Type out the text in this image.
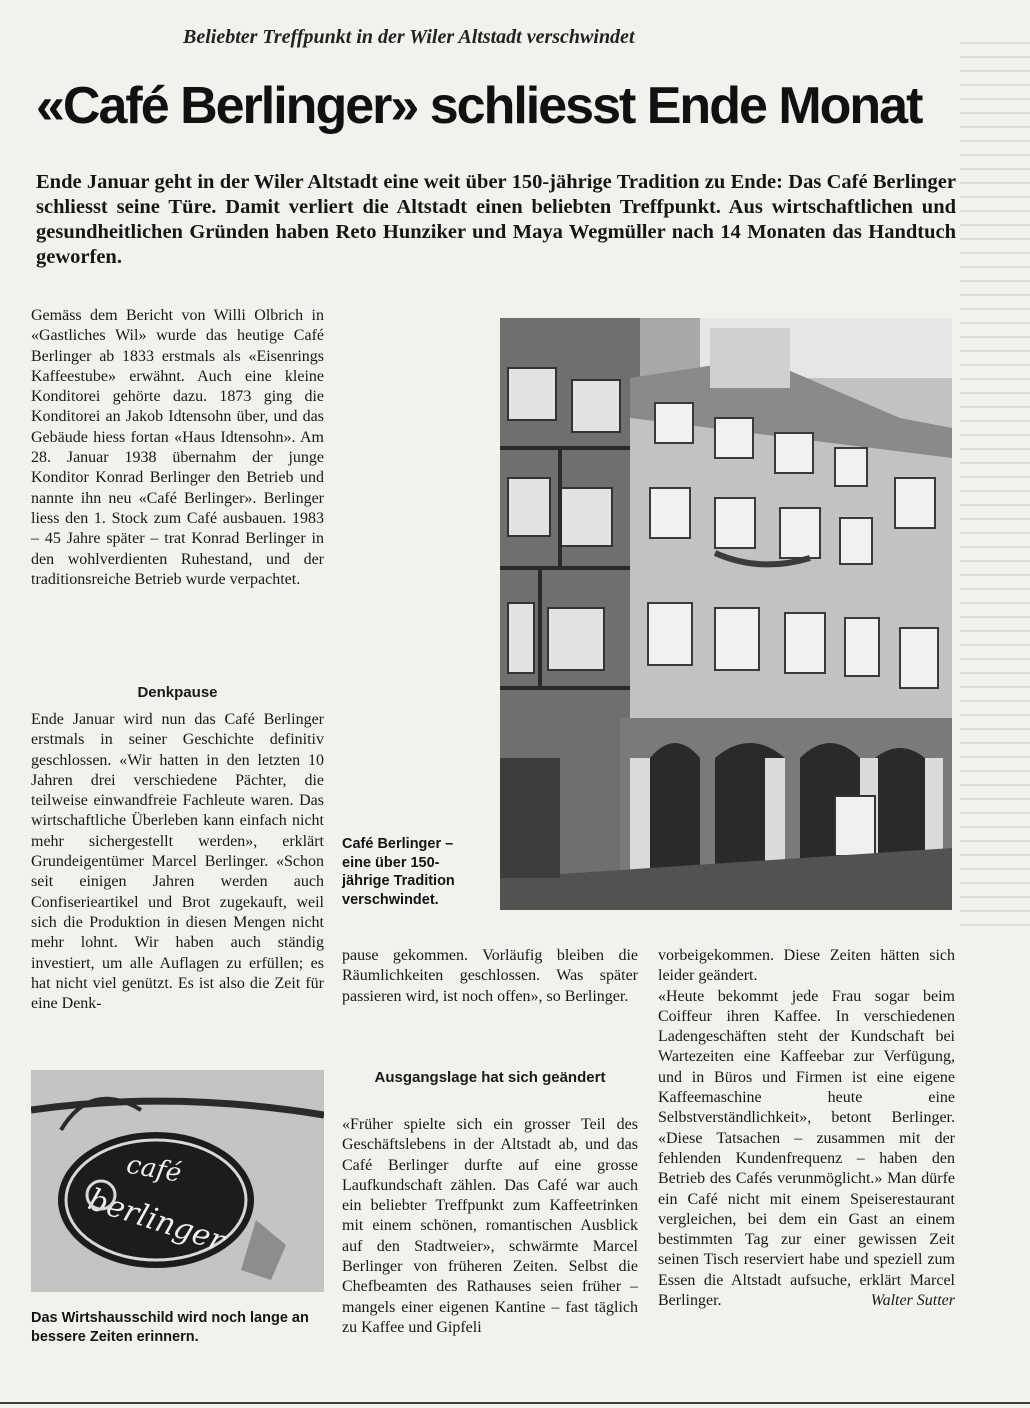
Beliebter Treffpunkt in der Wiler Altstadt verschwindet
«Café Berlinger» schliesst Ende Monat
Ende Januar geht in der Wiler Altstadt eine weit über 150-jährige Tradition zu Ende: Das Café Berlinger schliesst seine Türe. Damit verliert die Altstadt einen beliebten Treffpunkt. Aus wirtschaftlichen und gesundheitlichen Gründen haben Reto Hunziker und Maya Wegmüller nach 14 Monaten das Handtuch geworfen.

Gemäss dem Bericht von Willi Olbrich in «Gastliches Wil» wurde das heutige Café Berlinger ab 1833 erstmals als «Eisenrings Kaffeestube» erwähnt. Auch eine kleine Konditorei gehörte dazu. 1873 ging die Konditorei an Jakob Idtensohn über, und das Gebäude hiess fortan «Haus Idtensohn». Am 28. Januar 1938 übernahm der junge Konditor Konrad Berlinger den Betrieb und nannte ihn neu «Café Berlinger». Berlinger liess den 1. Stock zum Café ausbauen. 1983 – 45 Jahre später – trat Konrad Berlinger in den wohlverdienten Ruhestand, und der traditionsreiche Betrieb wurde verpachtet.

Denkpause

Ende Januar wird nun das Café Berlinger erstmals in seiner Geschichte definitiv geschlossen. «Wir hatten in den letzten 10 Jahren drei verschiedene Pächter, die teilweise einwandfreie Fachleute waren. Das wirtschaftliche Überleben kann einfach nicht mehr sichergestellt werden», erklärt Grundeigentümer Marcel Berlinger. «Schon seit einigen Jahren werden auch Confiserieartikel und Brot zugekauft, weil sich die Produktion in diesen Mengen nicht mehr lohnt. Wir haben auch ständig investiert, um alle Auflagen zu erfüllen; es hat nicht viel genützt. Es ist also die Zeit für eine Denk-

Café Berlinger – eine über 150-jährige Tradition verschwindet.

pause gekommen. Vorläufig bleiben die Räumlichkeiten geschlossen. Was später passieren wird, ist noch offen», so Berlinger.

Ausgangslage hat sich geändert

«Früher spielte sich ein grosser Teil des Geschäftslebens in der Altstadt ab, und das Café Berlinger durfte auf eine grosse Laufkundschaft zählen. Das Café war auch ein beliebter Treffpunkt zum Kaffeetrinken mit einem schönen, romantischen Ausblick auf den Stadtweier», schwärmte Marcel Berlinger von früheren Zeiten. Selbst die Chefbeamten des Rathauses seien früher – mangels einer eigenen Kantine – fast täglich zu Kaffee und Gipfeli

vorbeigekommen. Diese Zeiten hätten sich leider geändert.

«Heute bekommt jede Frau sogar beim Coiffeur ihren Kaffee. In verschiedenen Ladengeschäften steht der Kundschaft bei Wartezeiten eine Kaffeebar zur Verfügung, und in Büros und Firmen ist eine eigene Kaffeemaschine heute eine Selbstverständlichkeit», betont Berlinger. «Diese Tatsachen – zusammen mit der fehlenden Kundenfrequenz – haben den Betrieb des Cafés verunmöglicht.» Man dürfe ein Café nicht mit einem Speiserestaurant vergleichen, bei dem ein Gast an einem bestimmten Tag zur einer gewissen Zeit seinen Tisch reserviert habe und speziell zum Essen die Altstadt aufsuche, erklärt Marcel Berlinger.	Walter Sutter

café
berlinger
Das Wirtshausschild wird noch lange an bessere Zeiten erinnern.
